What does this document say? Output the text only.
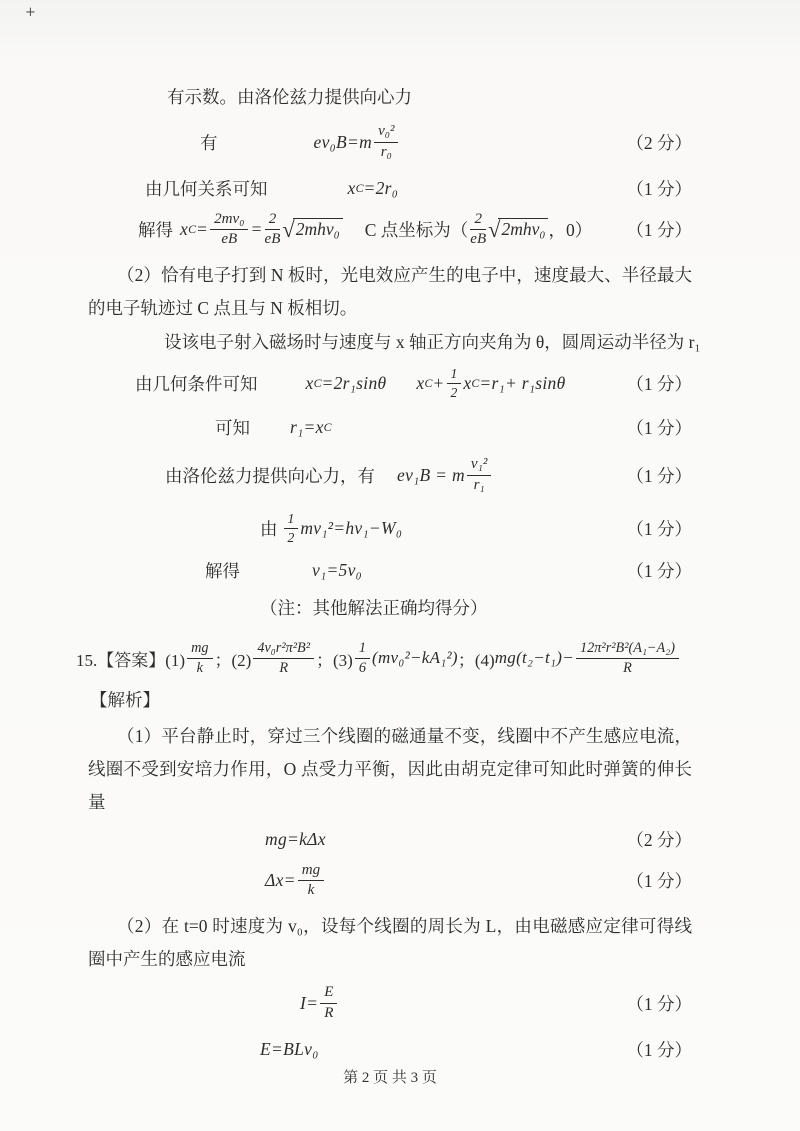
+
有示数。由洛伦兹力提供向心力
有	$ev_0B=m \frac{\text{v₀²}}{\text{r₀}}$	（2 分）
由几何关系可知	x C =2r₀	（1 分）
解得 x $C = \frac{\text{2mv₀}}{eB} = \frac{2}{eB}$ √ 2mhv₀ C 点坐标为（ $\frac{2}{eB}$ √ 2mhv₀ ，0） （1 分）
（2）恰有电子打到 N 板时，光电效应产生的电子中，速度最大、半径最大的电子轨迹过 C 点且与 N 板相切。
设该电子射入磁场时与速度与 x 轴正方向夹角为 θ，圆周运动半径为 r₁
由几何条件可知	x C =2r₁sinθ x $C + \frac{1}{2}$ x C =r₁+ r₁sinθ	（1 分）
可知 r₁=x C	（1 分）
由洛伦兹力提供向心力，有 ev₁B = m $\frac{\text{v₁²}}{\text{r₁}}$	（1 分）
由 $\frac{1}{2} mv_1^2=hv_1-W_0$	（1 分）
解得	v₁=5v₀	（1 分）
（注：其他解法正确均得分）
15.【答案】$(1) \frac{mg}{k}$ ；$(2) \frac{\text{4v₀r²π²B²}}{R}$ ；$(3) \frac{1}{6} (mv_0^2-kA_1^2)$ ；(4) $mg(t_2-t_1)- \frac{\text{12π²r²B²(A₁−A₂)}}{R}$
【解析】
（1）平台静止时，穿过三个线圈的磁通量不变，线圈中不产生感应电流，线圈不受到安培力作用，O 点受力平衡，因此由胡克定律可知此时弹簧的伸长量
mg=kΔx	（2 分）
$\Delta x= \frac{mg}{k}$	（1 分）
（2）在 t=0 时速度为 v₀，设每个线圈的周长为 L，由电磁感应定律可得线圈中产生的感应电流
$I= \frac{E}{R}$	（1 分）
E=BLv₀	（1 分）
第 2 页 共 3 页
